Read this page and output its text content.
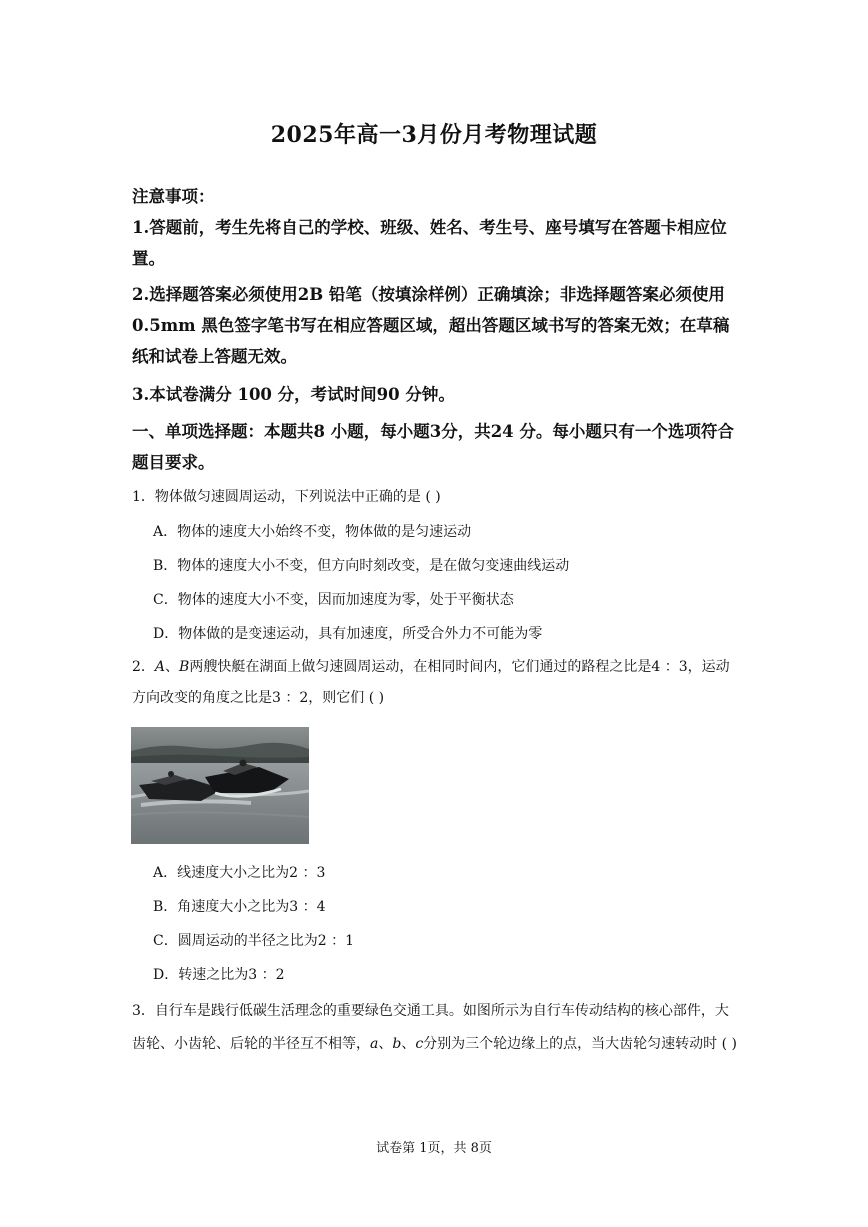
2025年高一3月份月考物理试题
注意事项：
1.答题前，考生先将自己的学校、班级、姓名、考生号、座号填写在答题卡相应位置。
2.选择题答案必须使用2B 铅笔（按填涂样例）正确填涂；非选择题答案必须使用0.5mm 黑色签字笔书写在相应答题区域，超出答题区域书写的答案无效；在草稿纸和试卷上答题无效。
3.本试卷满分 100 分，考试时间90 分钟。
一、单项选择题：本题共8 小题，每小题3分，共24 分。每小题只有一个选项符合题目要求。
1．物体做匀速圆周运动，下列说法中正确的是 ( )
A．物体的速度大小始终不变，物体做的是匀速运动
B．物体的速度大小不变，但方向时刻改变，是在做匀变速曲线运动
C．物体的速度大小不变，因而加速度为零，处于平衡状态
D．物体做的是变速运动，具有加速度，所受合外力不可能为零
2．A、B两艘快艇在湖面上做匀速圆周运动，在相同时间内，它们通过的路程之比是4 ：3，运动方向改变的角度之比是3 ：2，则它们 ( )
A．线速度大小之比为2 ：3
B．角速度大小之比为3 ：4
C．圆周运动的半径之比为2 ：1
D．转速之比为3 ：2
3．自行车是践行低碳生活理念的重要绿色交通工具。如图所示为自行车传动结构的核心部件，大齿轮、小齿轮、后轮的半径互不相等，a、b、c分别为三个轮边缘上的点，当大齿轮匀速转动时 ( )
试卷第 1页，共 8页
